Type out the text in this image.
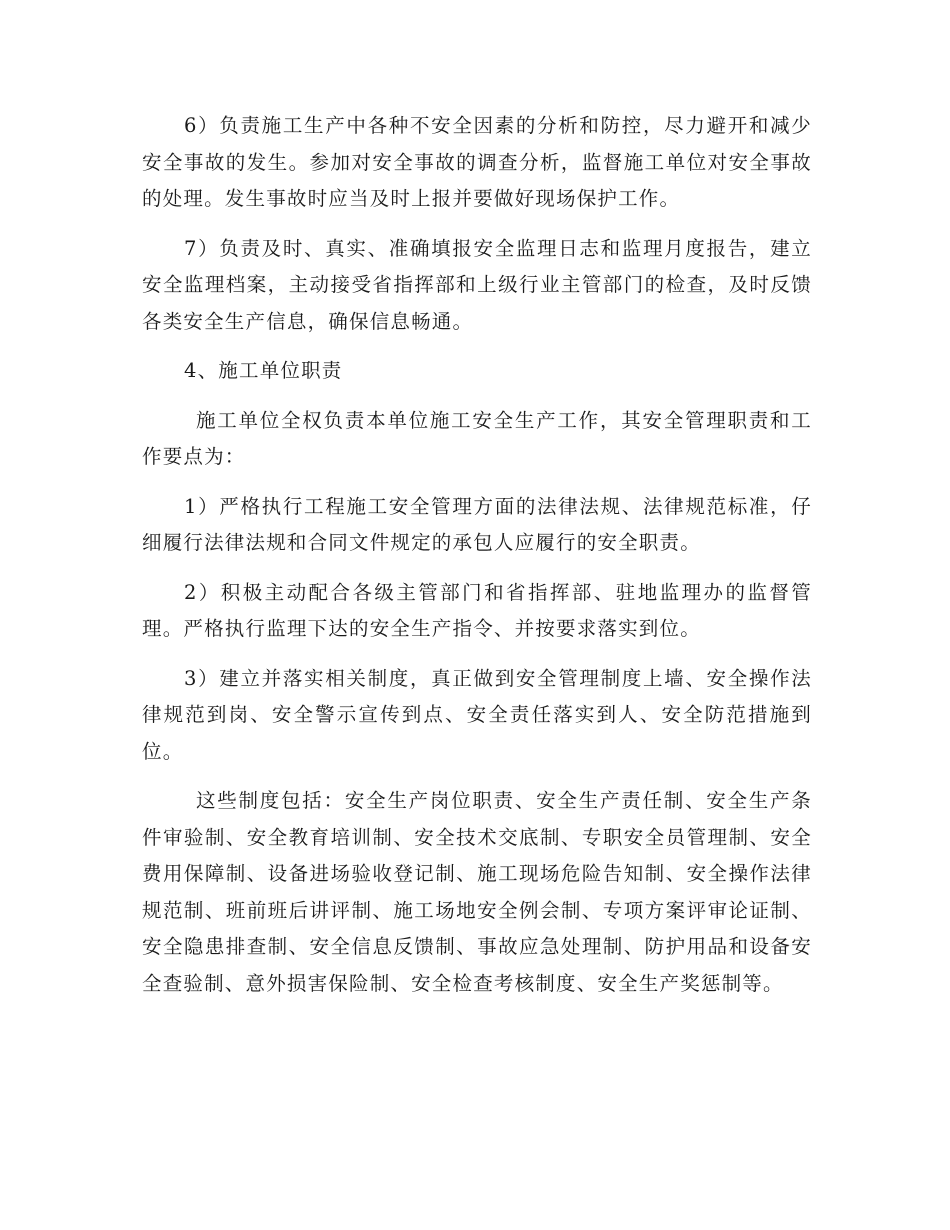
6）负责施工生产中各种不安全因素的分析和防控，尽力避开和减少安全事故的发生。参加对安全事故的调查分析，监督施工单位对安全事故的处理。发生事故时应当及时上报并要做好现场保护工作。

7）负责及时、真实、准确填报安全监理日志和监理月度报告，建立安全监理档案，主动接受省指挥部和上级行业主管部门的检查，及时反馈各类安全生产信息，确保信息畅通。

4、施工单位职责

施工单位全权负责本单位施工安全生产工作，其安全管理职责和工作要点为：

1）严格执行工程施工安全管理方面的法律法规、法律规范标准，仔细履行法律法规和合同文件规定的承包人应履行的安全职责。

2）积极主动配合各级主管部门和省指挥部、驻地监理办的监督管理。严格执行监理下达的安全生产指令、并按要求落实到位。

3）建立并落实相关制度，真正做到安全管理制度上墙、安全操作法律规范到岗、安全警示宣传到点、安全责任落实到人、安全防范措施到位。

这些制度包括：安全生产岗位职责、安全生产责任制、安全生产条件审验制、安全教育培训制、安全技术交底制、专职安全员管理制、安全费用保障制、设备进场验收登记制、施工现场危险告知制、安全操作法律规范制、班前班后讲评制、施工场地安全例会制、专项方案评审论证制、安全隐患排查制、安全信息反馈制、事故应急处理制、防护用品和设备安全查验制、意外损害保险制、安全检查考核制度、安全生产奖惩制等。
